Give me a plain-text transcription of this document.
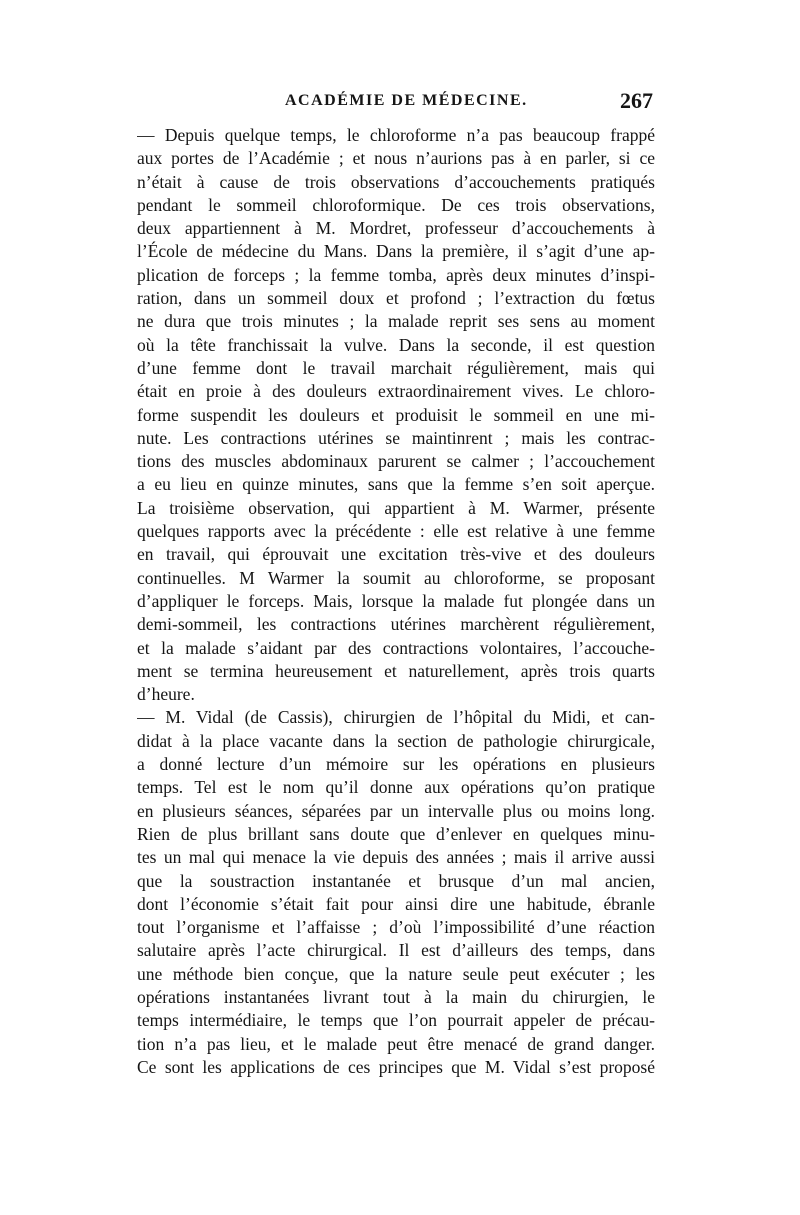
ACADÉMIE DE MÉDECINE.	267
— Depuis quelque temps, le chloroforme n’a pas beaucoup frappé
aux portes de l’Académie ; et nous n’aurions pas à en parler, si ce
n’était à cause de trois observations d’accouchements pratiqués
pendant le sommeil chloroformique. De ces trois observations,
deux appartiennent à M. Mordret, professeur d’accouchements à
l’École de médecine du Mans. Dans la première, il s’agit d’une ap-
plication de forceps ; la femme tomba, après deux minutes d’inspi-
ration, dans un sommeil doux et profond ; l’extraction du fœtus
ne dura que trois minutes ; la malade reprit ses sens au moment
où la tête franchissait la vulve. Dans la seconde, il est question
d’une femme dont le travail marchait régulièrement, mais qui
était en proie à des douleurs extraordinairement vives. Le chloro-
forme suspendit les douleurs et produisit le sommeil en une mi-
nute. Les contractions utérines se maintinrent ; mais les contrac-
tions des muscles abdominaux parurent se calmer ; l’accouchement
a eu lieu en quinze minutes, sans que la femme s’en soit aperçue.
La troisième observation, qui appartient à M. Warmer, présente
quelques rapports avec la précédente : elle est relative à une femme
en travail, qui éprouvait une excitation très-vive et des douleurs
continuelles. M Warmer la soumit au chloroforme, se proposant
d’appliquer le forceps. Mais, lorsque la malade fut plongée dans un
demi-sommeil, les contractions utérines marchèrent régulièrement,
et la malade s’aidant par des contractions volontaires, l’accouche-
ment se termina heureusement et naturellement, après trois quarts
d’heure.
— M. Vidal (de Cassis), chirurgien de l’hôpital du Midi, et can-
didat à la place vacante dans la section de pathologie chirurgicale,
a donné lecture d’un mémoire sur les opérations en plusieurs
temps. Tel est le nom qu’il donne aux opérations qu’on pratique
en plusieurs séances, séparées par un intervalle plus ou moins long.
Rien de plus brillant sans doute que d’enlever en quelques minu-
tes un mal qui menace la vie depuis des années ; mais il arrive aussi
que la soustraction instantanée et brusque d’un mal ancien,
dont l’économie s’était fait pour ainsi dire une habitude, ébranle
tout l’organisme et l’affaisse ; d’où l’impossibilité d’une réaction
salutaire après l’acte chirurgical. Il est d’ailleurs des temps, dans
une méthode bien conçue, que la nature seule peut exécuter ; les
opérations instantanées livrant tout à la main du chirurgien, le
temps intermédiaire, le temps que l’on pourrait appeler de précau-
tion n’a pas lieu, et le malade peut être menacé de grand danger.
Ce sont les applications de ces principes que M. Vidal s’est proposé
